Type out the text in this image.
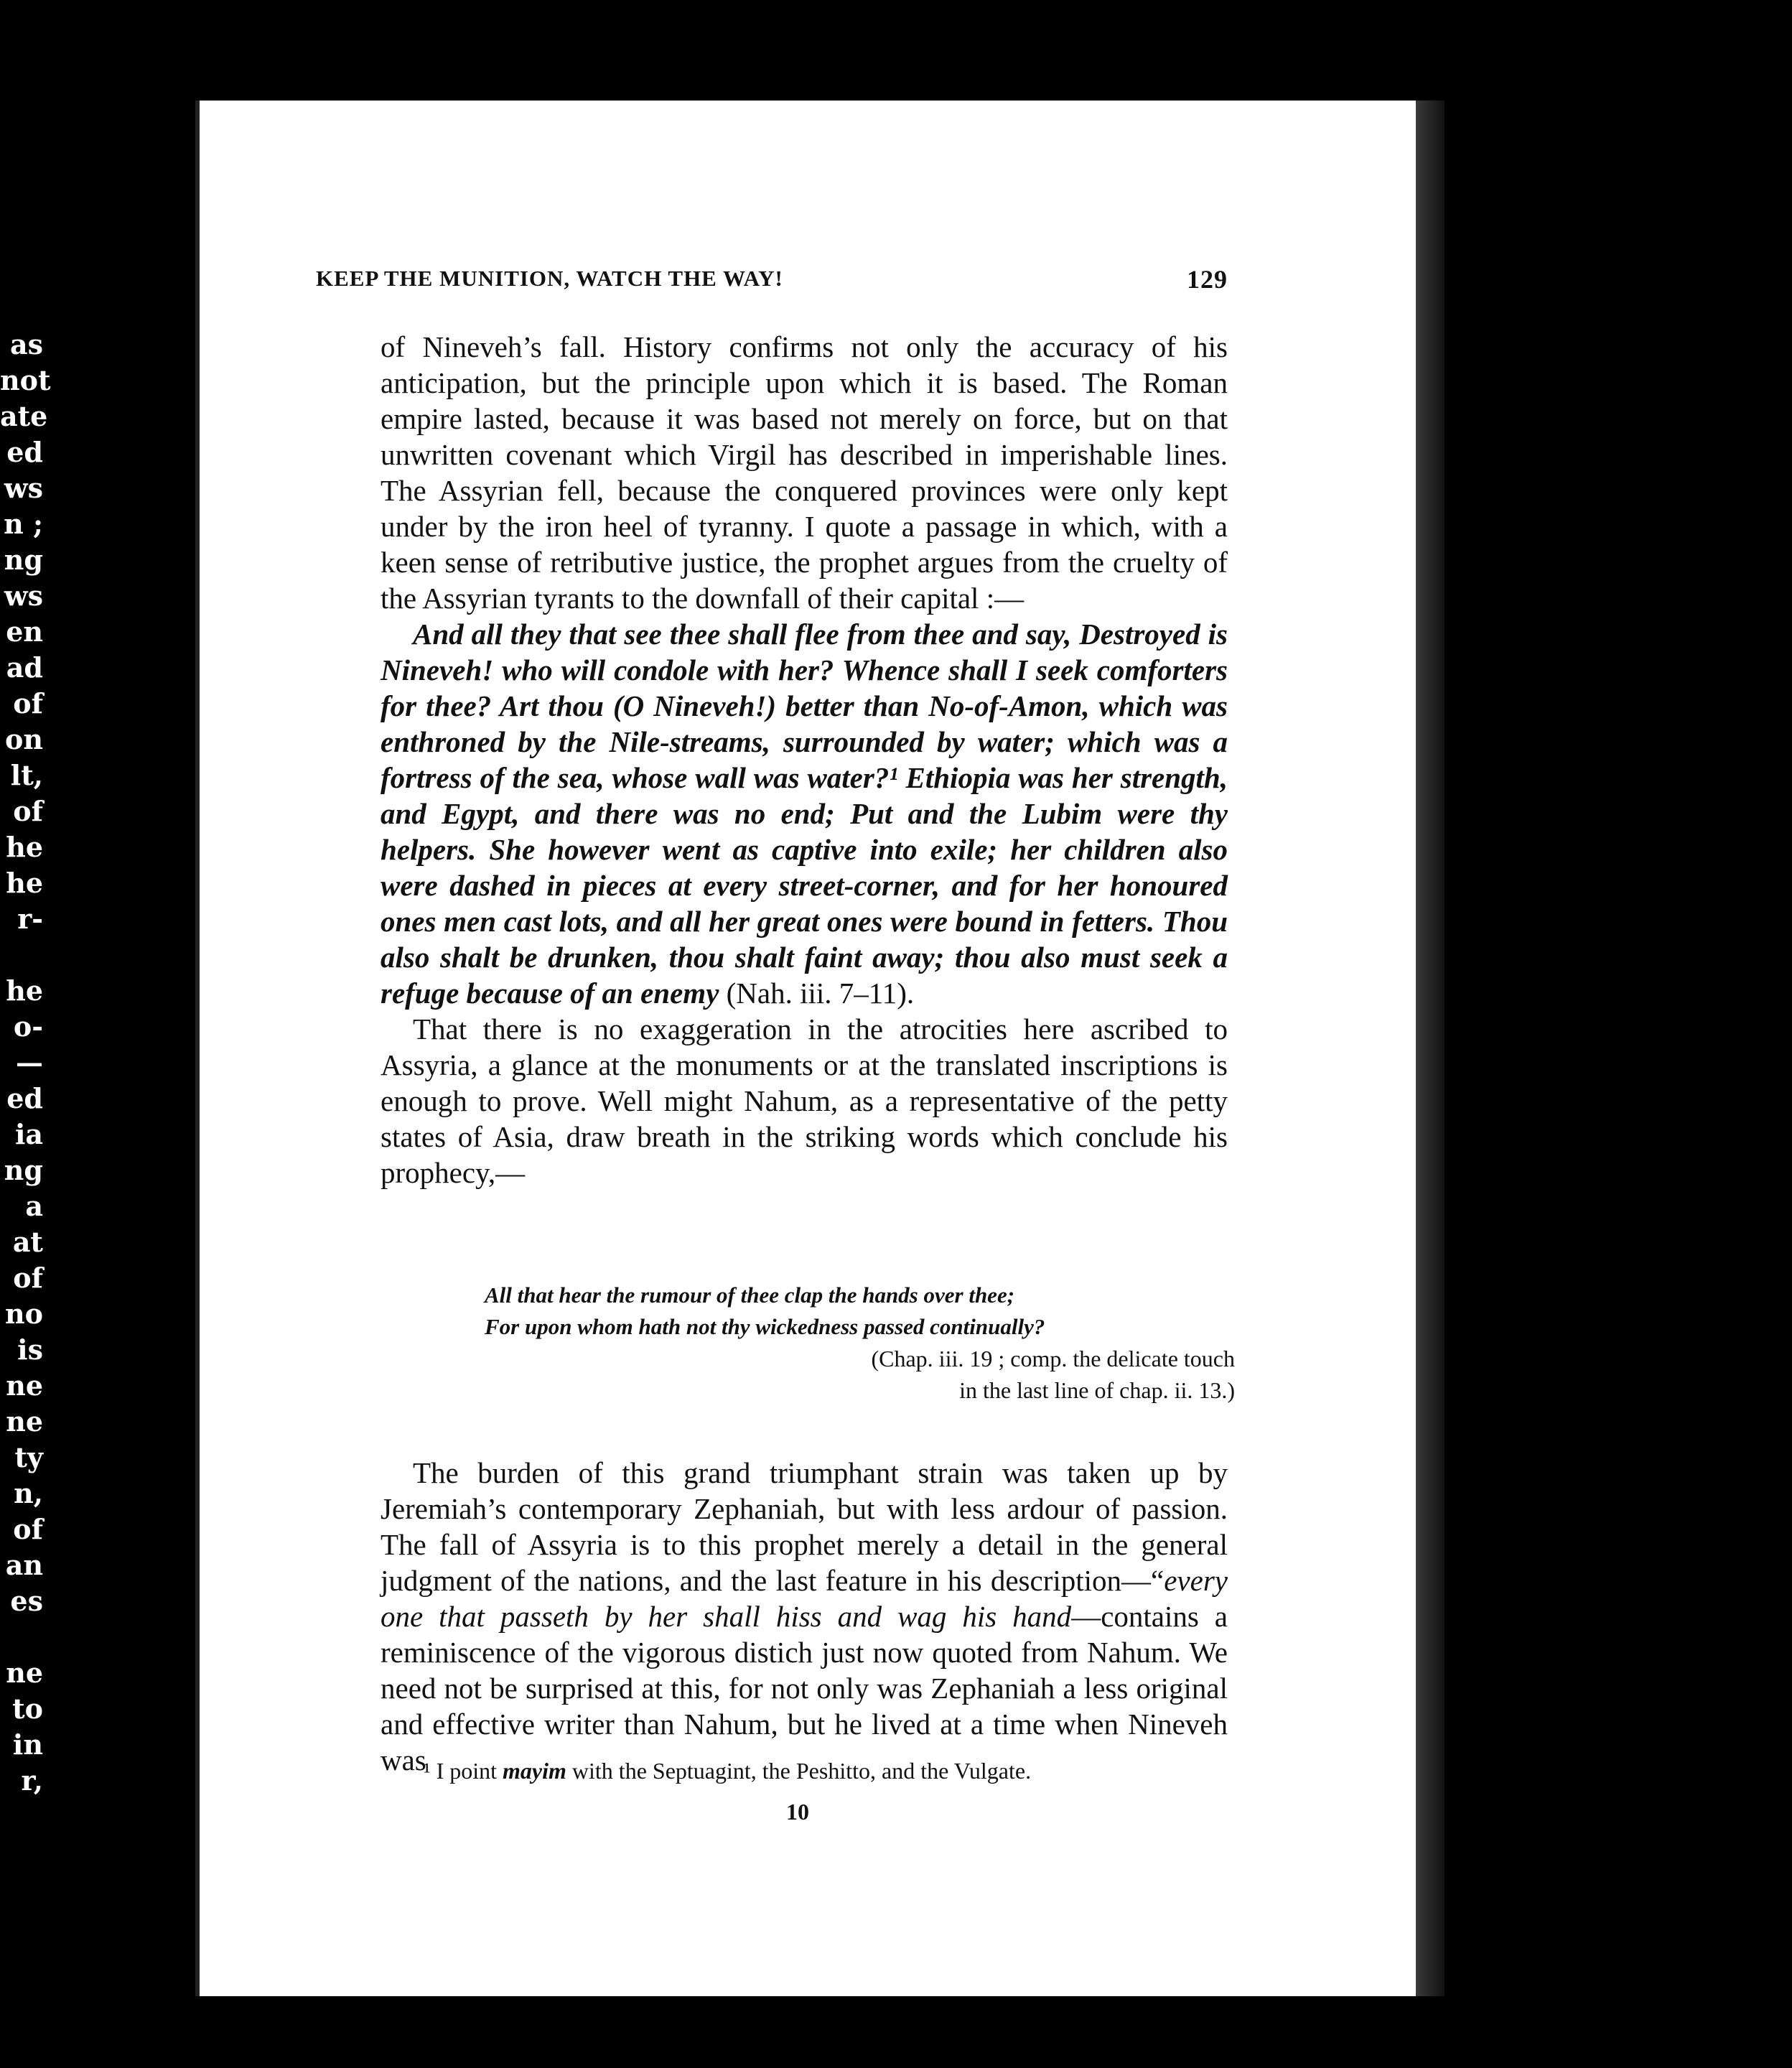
as
not
ate
ed
ws
n ;
ng
ws
en
ad
of
on
lt,
of
he
he
r-
he
o-
—
ed
ia
ng
a
at
of
no
is
ne
ne
ty
n,
of
an
es
ne
to
in
r,
KEEP THE MUNITION, WATCH THE WAY!	129

of Nineveh’s fall. History confirms not only the accuracy of his anticipation, but the principle upon which it is based. The Roman empire lasted, because it was based not merely on force, but on that unwritten covenant which Virgil has described in imperishable lines. The Assyrian fell, because the conquered provinces were only kept under by the iron heel of tyranny. I quote a passage in which, with a keen sense of retributive justice, the prophet argues from the cruelty of the Assyrian tyrants to the downfall of their capital :—

And all they that see thee shall flee from thee and say, Destroyed is Nineveh! who will condole with her? Whence shall I seek comforters for thee? Art thou (O Nineveh!) better than No-of-Amon, which was enthroned by the Nile-streams, surrounded by water; which was a fortress of the sea, whose wall was water?¹ Ethiopia was her strength, and Egypt, and there was no end; Put and the Lubim were thy helpers. She however went as captive into exile; her children also were dashed in pieces at every street-corner, and for her honoured ones men cast lots, and all her great ones were bound in fetters. Thou also shalt be drunken, thou shalt faint away; thou also must seek a refuge because of an enemy (Nah. iii. 7–11).

That there is no exaggeration in the atrocities here ascribed to Assyria, a glance at the monuments or at the translated inscriptions is enough to prove. Well might Nahum, as a representative of the petty states of Asia, draw breath in the striking words which conclude his prophecy,—

All that hear the rumour of thee clap the hands over thee;
For upon whom hath not thy wickedness passed continually?
(Chap. iii. 19 ; comp. the delicate touch
in the last line of chap. ii. 13.)

The burden of this grand triumphant strain was taken up by Jeremiah’s contemporary Zephaniah, but with less ardour of passion. The fall of Assyria is to this prophet merely a detail in the general judgment of the nations, and the last feature in his description—“every one that passeth by her shall hiss and wag his hand—contains a reminiscence of the vigorous distich just now quoted from Nahum. We need not be surprised at this, for not only was Zephaniah a less original and effective writer than Nahum, but he lived at a time when Nineveh was

¹ I point mayim with the Septuagint, the Peshitto, and the Vulgate.
10
